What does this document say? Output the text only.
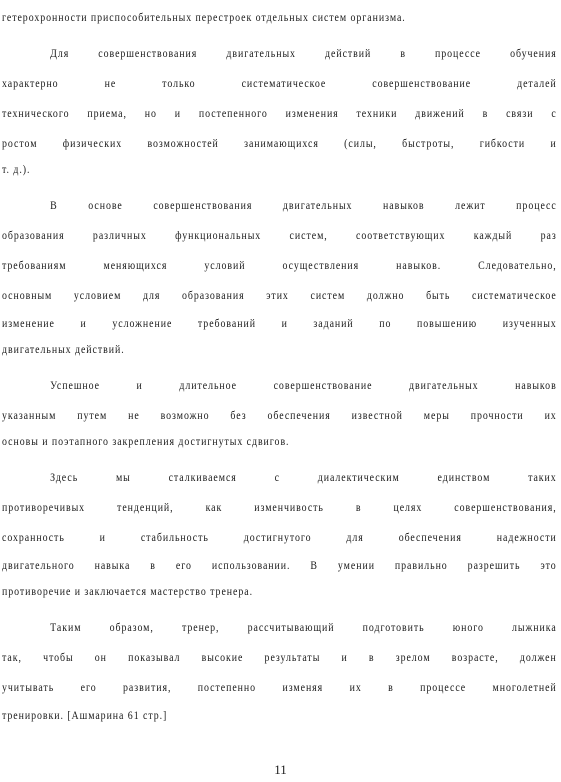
гетерохронности приспособительных перестроек отдельных систем организма.
Для совершенствования двигательных действий в процессе обучения
характерно не только систематическое совершенствование деталей
технического приема, но и постепенного изменения техники движений в связи с
ростом физических возможностей занимающихся (силы, быстроты, гибкости и
т. д.).
В основе совершенствования двигательных навыков лежит процесс
образования различных функциональных систем, соответствующих каждый раз
требованиям меняющихся условий осуществления навыков. Следовательно,
основным условием для образования этих систем должно быть систематическое
изменение и усложнение требований и заданий по повышению изученных
двигательных действий.
Успешное и длительное совершенствование двигательных навыков
указанным путем не возможно без обеспечения известной меры прочности их
основы и поэтапного закрепления достигнутых сдвигов.
Здесь мы сталкиваемся с диалектическим единством таких
противоречивых тенденций, как изменчивость в целях совершенствования,
сохранность и стабильность достигнутого для обеспечения надежности
двигательного навыка в его использовании. В умении правильно разрешить это
противоречие и заключается мастерство тренера.
Таким образом, тренер, рассчитывающий подготовить юного лыжника
так, чтобы он показывал высокие результаты и в зрелом возрасте, должен
учитывать его развития, постепенно изменяя их в процессе многолетней
тренировки. [Ашмарина 61 стр.]
11
